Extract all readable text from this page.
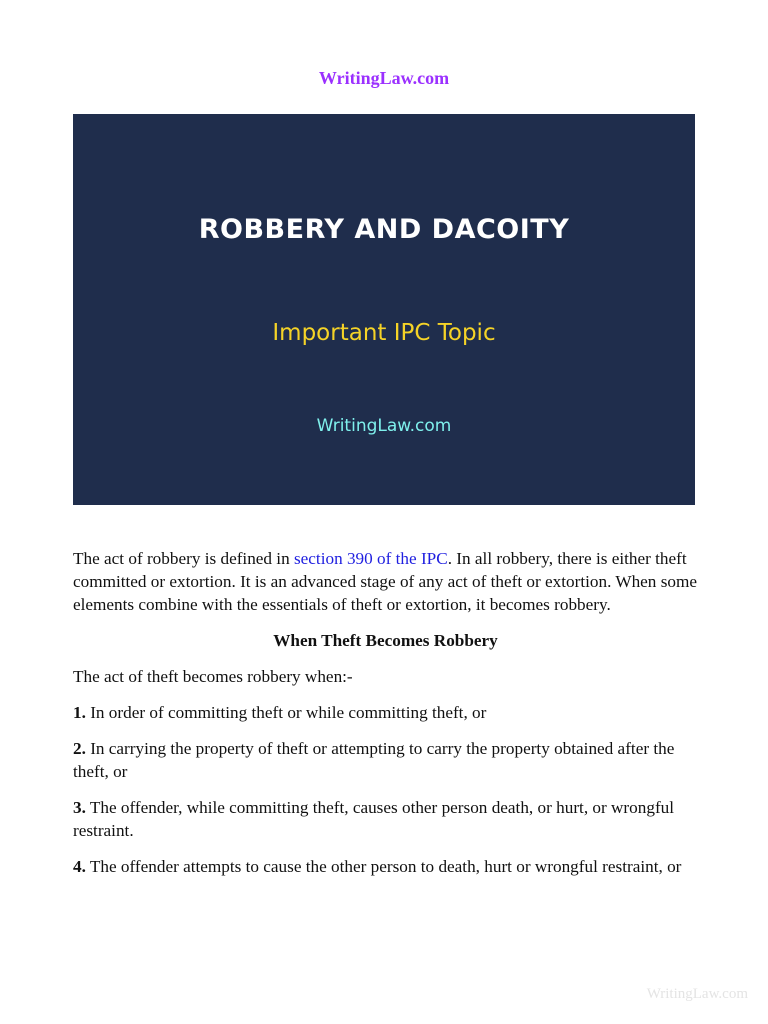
WritingLaw.com
ROBBERY AND DACOITY
Important IPC Topic
WritingLaw.com

The act of robbery is defined in section 390 of the IPC. In all robbery, there is either theft committed or extortion. It is an advanced stage of any act of theft or extortion. When some elements combine with the essentials of theft or extortion, it becomes robbery.

When Theft Becomes Robbery

The act of theft becomes robbery when:-

1. In order of committing theft or while committing theft, or

2. In carrying the property of theft or attempting to carry the property obtained after the theft, or

3. The offender, while committing theft, causes other person death, or hurt, or wrongful restraint.

4. The offender attempts to cause the other person to death, hurt or wrongful restraint, or

WritingLaw.com
